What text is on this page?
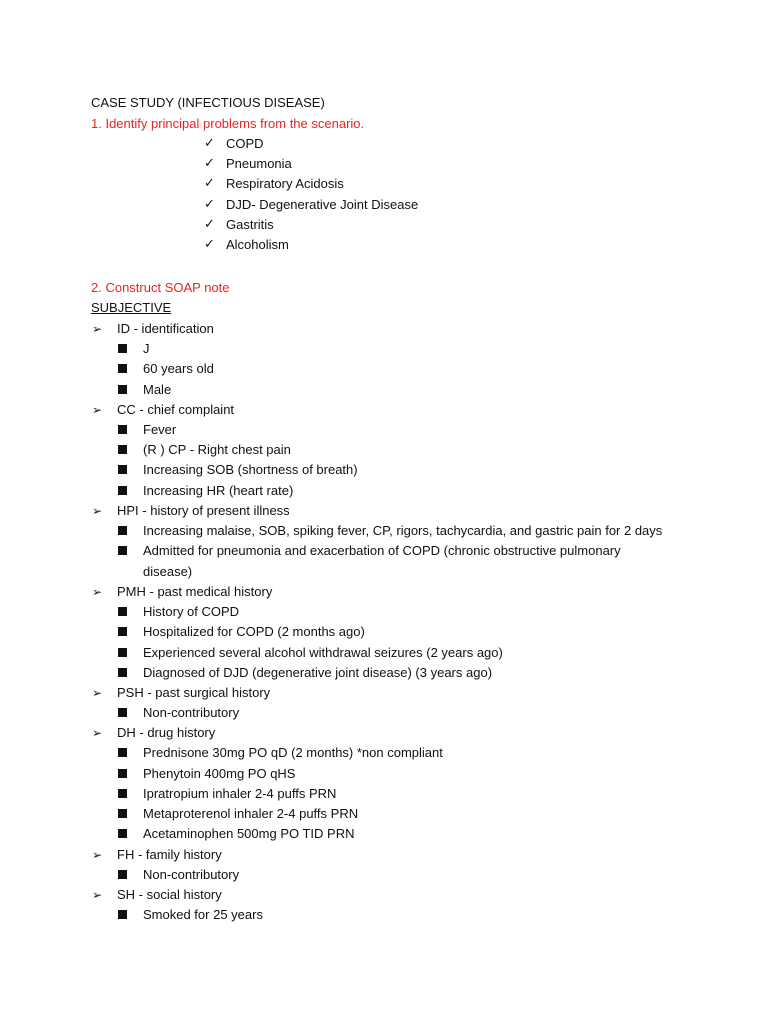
CASE STUDY (INFECTIOUS DISEASE)
1. Identify principal problems from the scenario.
✓ COPD
✓ Pneumonia
✓ Respiratory Acidosis
✓ DJD- Degenerative Joint Disease
✓ Gastritis
✓ Alcoholism
2. Construct SOAP note
SUBJECTIVE
➢	ID - identification
J
60 years old
Male
➢	CC - chief complaint
Fever
(R ) CP - Right chest pain
Increasing SOB (shortness of breath)
Increasing HR (heart rate)
➢	HPI - history of present illness
Increasing malaise, SOB, spiking fever, CP, rigors, tachycardia, and gastric pain for 2 days
Admitted for pneumonia and exacerbation of COPD (chronic obstructive pulmonary
disease)
➢	PMH - past medical history
History of COPD
Hospitalized for COPD (2 months ago)
Experienced several alcohol withdrawal seizures (2 years ago)
Diagnosed of DJD (degenerative joint disease) (3 years ago)
➢	PSH - past surgical history
Non-contributory
➢	DH - drug history
Prednisone 30mg PO qD (2 months) *non compliant
Phenytoin 400mg PO qHS
Ipratropium inhaler 2-4 puffs PRN
Metaproterenol inhaler 2-4 puffs PRN
Acetaminophen 500mg PO TID PRN
➢	FH - family history
Non-contributory
➢	SH - social history
Smoked for 25 years
